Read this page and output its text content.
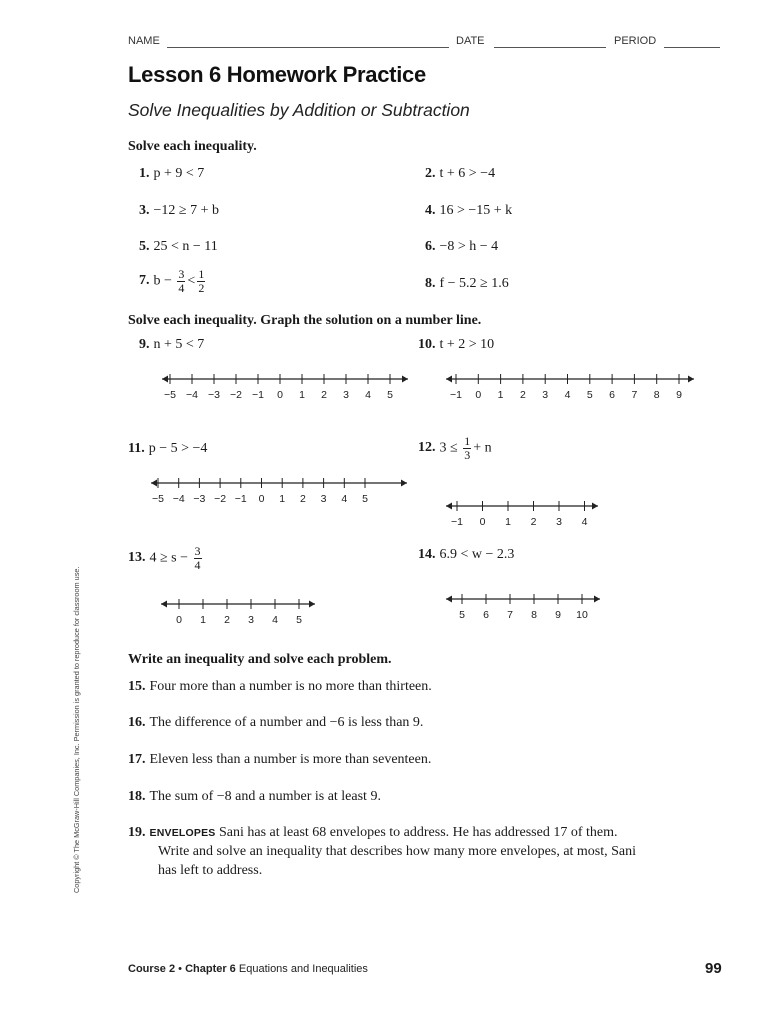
NAME	DATE	PERIOD
Lesson 6 Homework Practice
Solve Inequalities by Addition or Subtraction
Solve each inequality.
1. p + 9 < 7	2. t + 6 > −4
3. −12 ≥ 7 + b	4. 16 > −15 + k
5. 25 < n − 11	6. −8 > h − 4
7. $b - \frac{3}{4} < \frac{1}{2}$	8. f − 5.2 ≥ 1.6
Solve each inequality. Graph the solution on a number line.
9. n + 5 < 7	10. t + 2 > 10
−5 −4 −3 −2 −1 0 1 2 3 4 5	−1 0 1 2 3 4 5 6 7 8 9
11. p − 5 > −4	12. $3 \le \frac{1}{3} + n$
−5 −4 −3 −2 −1 0 1 2 3 4 5
−1 0 1 2 3 4
13. $4 \ge s - \frac{3}{4}$	14. 6.9 < w − 2.3
0 1 2 3 4 5	5 6 7 8 9 10
Write an inequality and solve each problem.
15. Four more than a number is no more than thirteen.
16. The difference of a number and −6 is less than 9.
17. Eleven less than a number is more than seventeen.
18. The sum of −8 and a number is at least 9.
19. ENVELOPES Sani has at least 68 envelopes to address. He has addressed 17 of them.
Write and solve an inequality that describes how many more envelopes, at most, Sani
has left to address.
Copyright © The McGraw-Hill Companies, Inc. Permission is granted to reproduce for classroom use.
Course 2 • Chapter 6 Equations and Inequalities	99
